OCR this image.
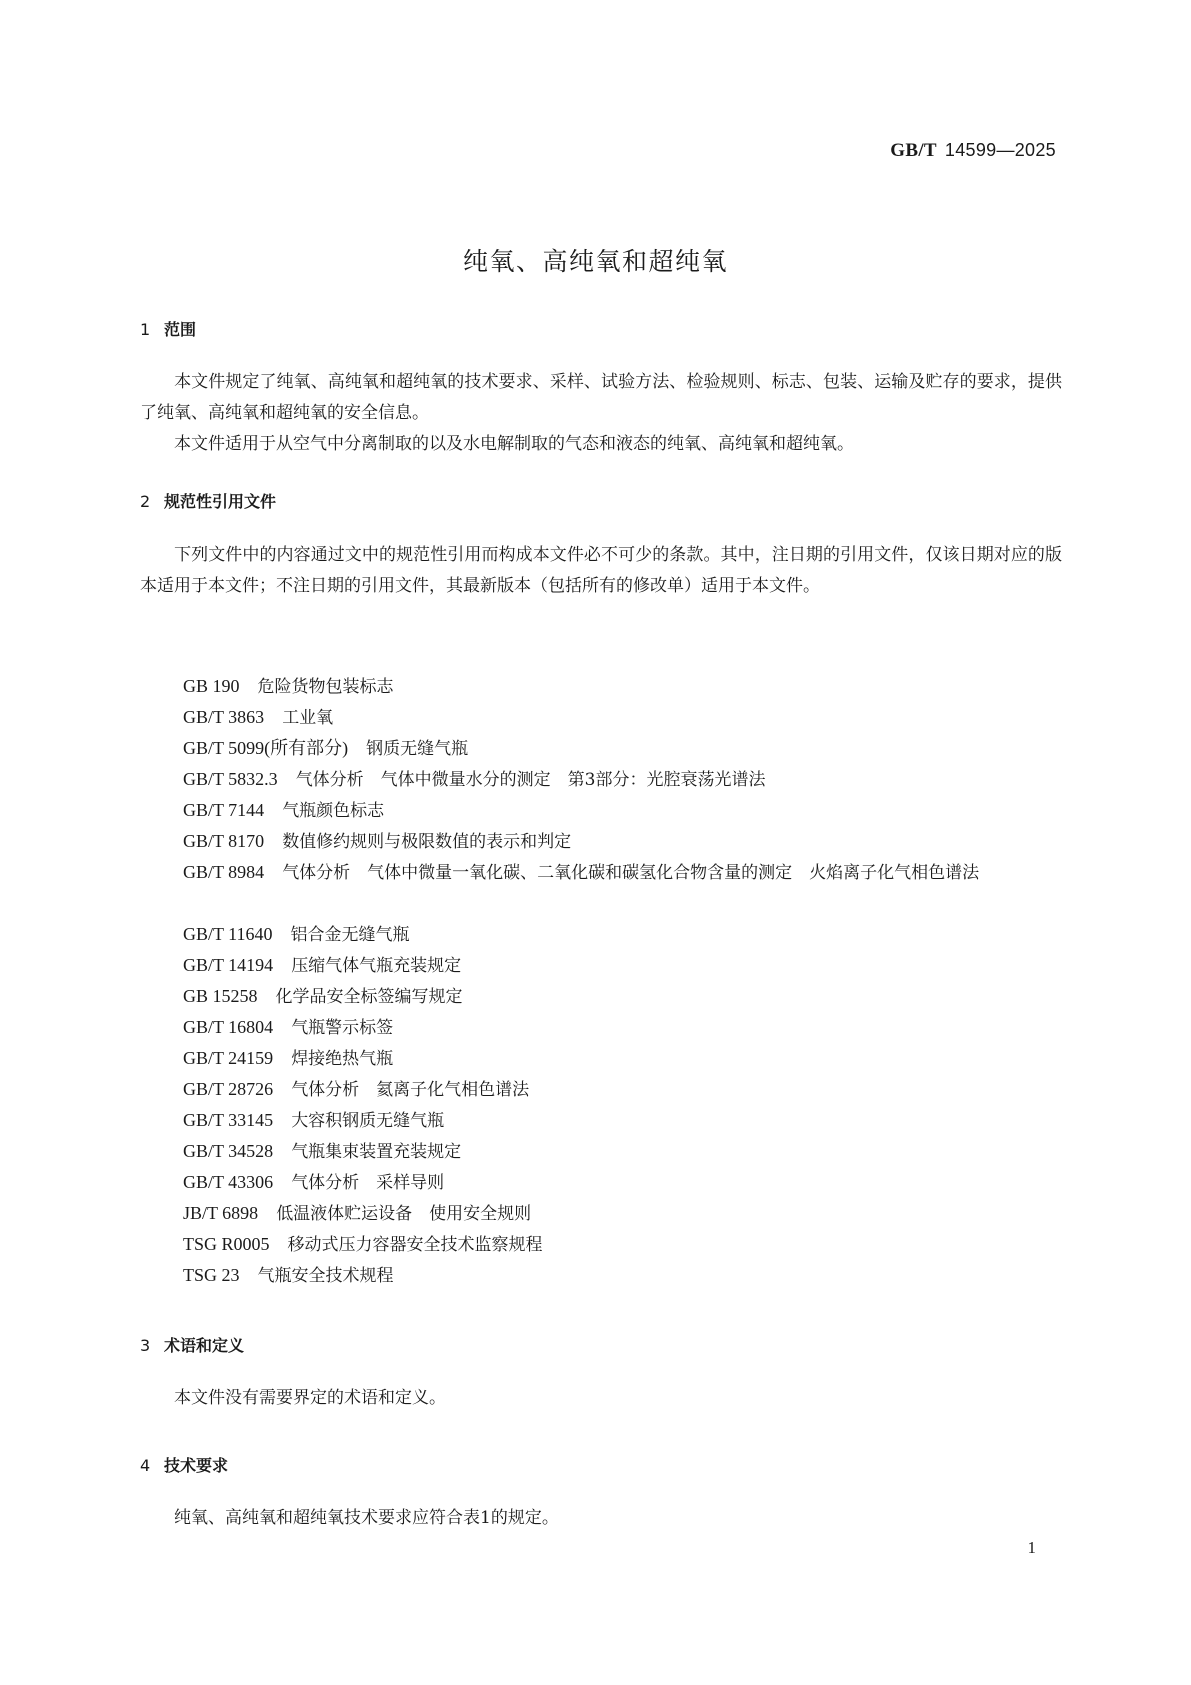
GB/T 14599—2025
纯氧、高纯氧和超纯氧
1 范围
本文件规定了纯氧、高纯氧和超纯氧的技术要求、采样、试验方法、检验规则、标志、包装、运输及贮存的要求，提供了纯氧、高纯氧和超纯氧的安全信息。
本文件适用于从空气中分离制取的以及水电解制取的气态和液态的纯氧、高纯氧和超纯氧。
2 规范性引用文件
下列文件中的内容通过文中的规范性引用而构成本文件必不可少的条款。其中，注日期的引用文件，仅该日期对应的版本适用于本文件；不注日期的引用文件，其最新版本（包括所有的修改单）适用于本文件。
GB 190 危险货物包装标志
GB/T 3863 工业氧
GB/T 5099(所有部分) 钢质无缝气瓶
GB/T 5832.3 气体分析　气体中微量水分的测定　第3部分：光腔衰荡光谱法
GB/T 7144 气瓶颜色标志
GB/T 8170 数值修约规则与极限数值的表示和判定
GB/T 8984 气体分析　气体中微量一氧化碳、二氧化碳和碳氢化合物含量的测定　火焰离子化气相色谱法
GB/T 11640 铝合金无缝气瓶
GB/T 14194 压缩气体气瓶充装规定
GB 15258 化学品安全标签编写规定
GB/T 16804 气瓶警示标签
GB/T 24159 焊接绝热气瓶
GB/T 28726 气体分析　氦离子化气相色谱法
GB/T 33145 大容积钢质无缝气瓶
GB/T 34528 气瓶集束装置充装规定
GB/T 43306 气体分析　采样导则
JB/T 6898 低温液体贮运设备　使用安全规则
TSG R0005 移动式压力容器安全技术监察规程
TSG 23 气瓶安全技术规程
3 术语和定义
本文件没有需要界定的术语和定义。
4 技术要求
纯氧、高纯氧和超纯氧技术要求应符合表1的规定。
1
